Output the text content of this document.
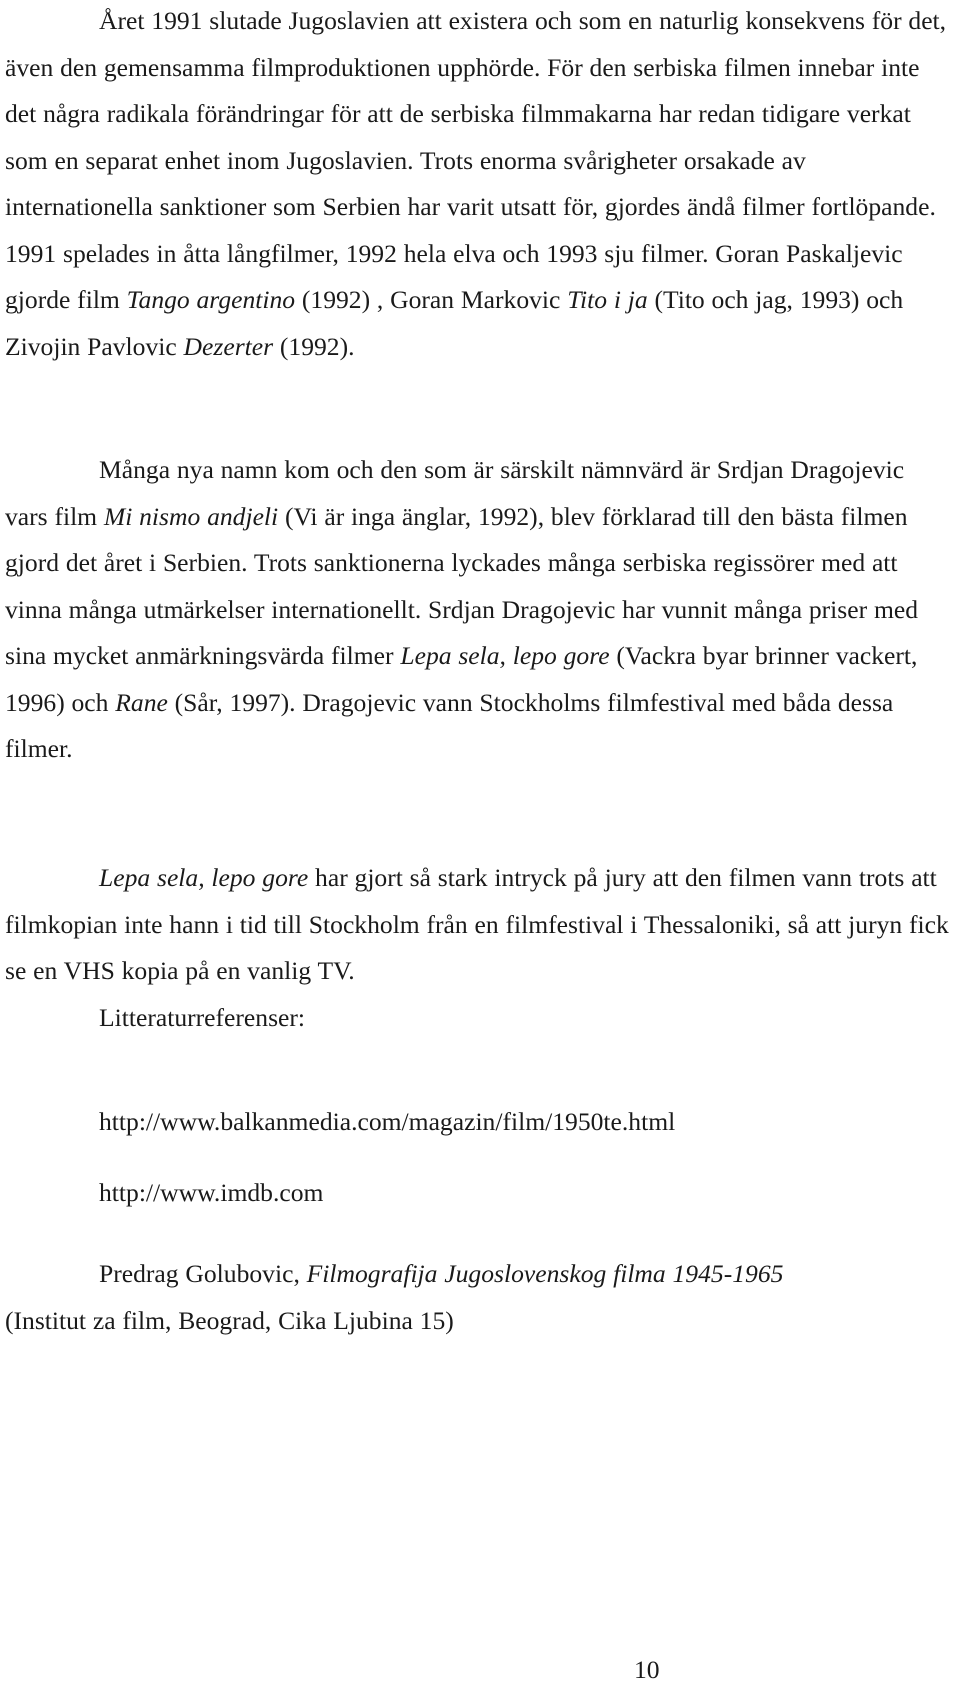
Året 1991 slutade Jugoslavien att existera och som en naturlig konsekvens för det, även den gemensamma filmproduktionen upphörde. För den serbiska filmen innebar inte det några radikala förändringar för att de serbiska filmmakarna har redan tidigare verkat som en separat enhet inom Jugoslavien. Trots enorma svårigheter orsakade av internationella sanktioner som Serbien har varit utsatt för, gjordes ändå filmer fortlöpande. 1991 spelades in åtta långfilmer, 1992 hela elva och 1993 sju filmer. Goran Paskaljevic gjorde film Tango argentino (1992) , Goran Markovic Tito i ja (Tito och jag, 1993) och Zivojin Pavlovic Dezerter (1992).

Många nya namn kom och den som är särskilt nämnvärd är Srdjan Dragojevic vars film Mi nismo andjeli (Vi är inga änglar, 1992), blev förklarad till den bästa filmen gjord det året i Serbien. Trots sanktionerna lyckades många serbiska regissörer med att vinna många utmärkelser internationellt. Srdjan Dragojevic har vunnit många priser med sina mycket anmärkningsvärda filmer Lepa sela, lepo gore (Vackra byar brinner vackert, 1996) och Rane (Sår, 1997). Dragojevic vann Stockholms filmfestival med båda dessa filmer.

Lepa sela, lepo gore har gjort så stark intryck på jury att den filmen vann trots att filmkopian inte hann i tid till Stockholm från en filmfestival i Thessaloniki, så att juryn fick se en VHS kopia på en vanlig TV.

Litteraturreferenser:

http://www.balkanmedia.com/magazin/film/1950te.html

http://www.imdb.com

Predrag Golubovic, Filmografija Jugoslovenskog filma 1945-1965
(Institut za film, Beograd, Cika Ljubina 15)

10
